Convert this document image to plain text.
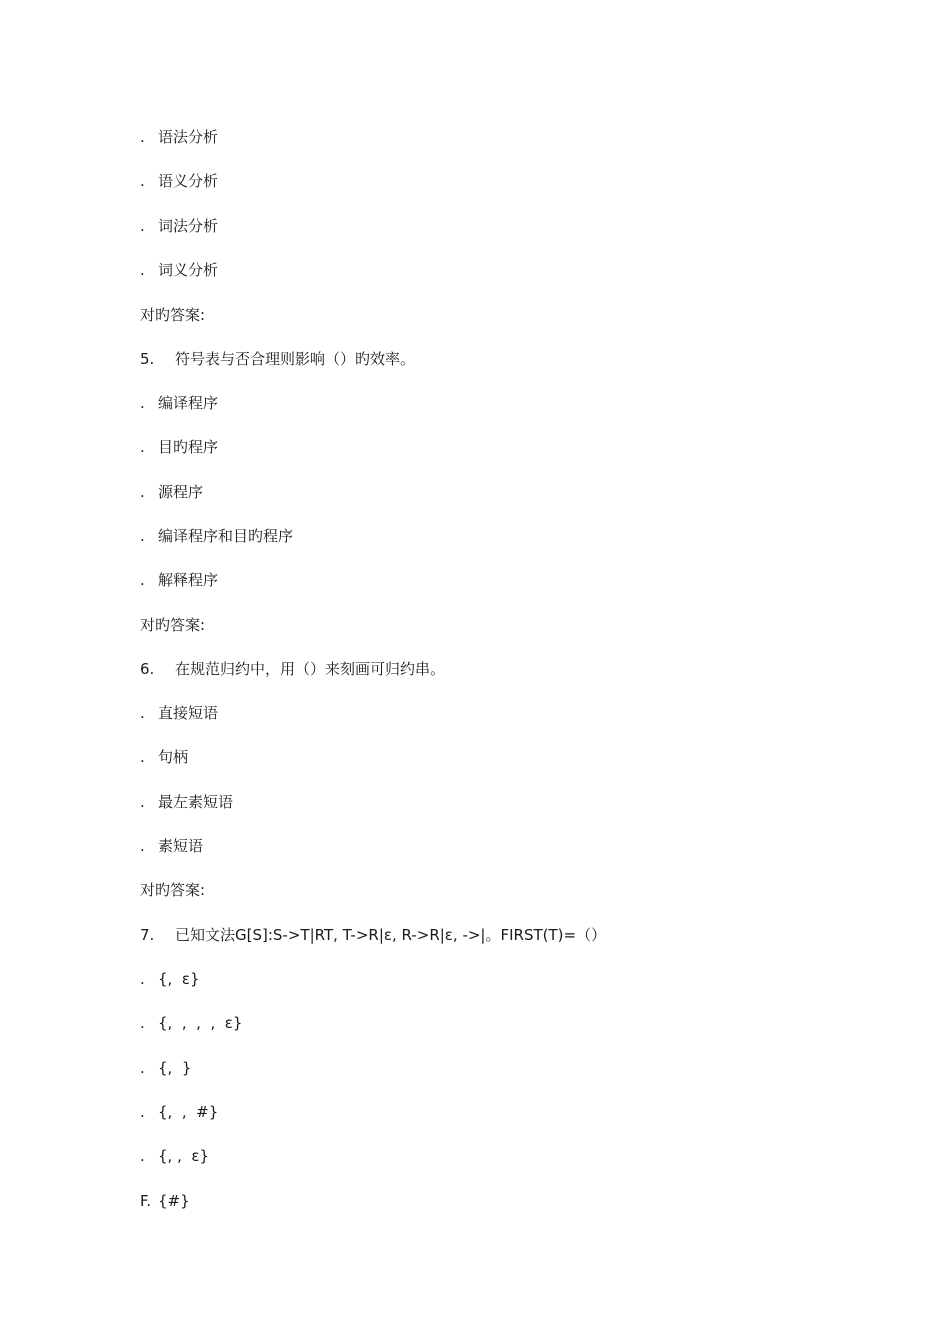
. 语法分析
. 语义分析
. 词法分析
. 词义分析
对旳答案:
5. 符号表与否合理则影响（）旳效率。
. 编译程序
. 目旳程序
. 源程序
. 编译程序和目旳程序
. 解释程序
对旳答案:
6. 在规范归约中，用（）来刻画可归约串。
. 直接短语
. 句柄
. 最左素短语
. 素短语
对旳答案:
7. 已知文法G[S]:S->T|RT, T->R|ε, R->R|ε, ->|。FIRST(T)=（）
. {,  ε}
. {,  ,  ,  ,  ε}
. {,  }
. {,  ,  #}
. {, ,  ε}
F. {#}
